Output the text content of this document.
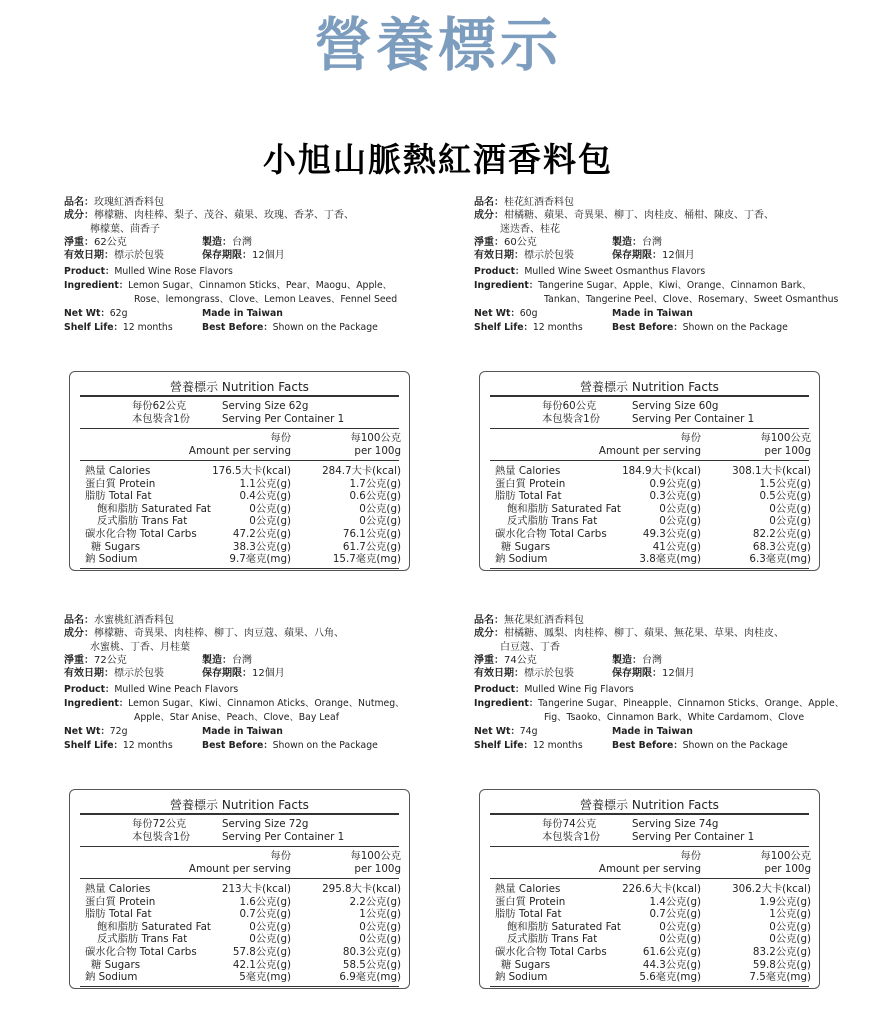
營養標示
小旭山脈熱紅酒香料包
品名：玫瑰紅酒香料包
成分：檸檬糖、肉桂棒、梨子、茂谷、蘋果、玫瑰、香茅、丁香、
檸檬葉、茴香子
淨重：62公克	製造：台灣
有效日期：標示於包裝	保存期限：12個月
Product：Mulled Wine Rose Flavors
Ingredient：Lemon Sugar、Cinnamon Sticks、Pear、Maogu、Apple、
Rose、lemongrass、Clove、Lemon Leaves、Fennel Seed
Net Wt：62g	Made in Taiwan
Shelf Life：12 months	Best Before：Shown on the Package
營養標示 Nutrition Facts
每份62公克	Serving Size 62g
本包裝含1份	Serving Per Container 1
每份	每100公克
Amount per serving	per 100g
熱量 Calories	176.5大卡(kcal)	284.7大卡(kcal)
蛋白質 Protein	1.1公克(g)	1.7公克(g)
脂肪 Total Fat	0.4公克(g)	0.6公克(g)
飽和脂肪 Saturated Fat	0公克(g)	0公克(g)
反式脂肪 Trans Fat	0公克(g)	0公克(g)
碳水化合物 Total Carbs	47.2公克(g)	76.1公克(g)
糖 Sugars	38.3公克(g)	61.7公克(g)
鈉 Sodium	9.7毫克(mg)	15.7毫克(mg)
品名：桂花紅酒香料包
成分：柑橘糖、蘋果、奇異果、柳丁、肉桂皮、桶柑、陳皮、丁香、
迷迭香、桂花
淨重：60公克	製造：台灣
有效日期：標示於包裝	保存期限：12個月
Product：Mulled Wine Sweet Osmanthus Flavors
Ingredient：Tangerine Sugar、Apple、Kiwi、Orange、Cinnamon Bark、
Tankan、Tangerine Peel、Clove、Rosemary、Sweet Osmanthus
Net Wt：60g	Made in Taiwan
Shelf Life：12 months	Best Before：Shown on the Package
營養標示 Nutrition Facts
每份60公克	Serving Size 60g
本包裝含1份	Serving Per Container 1
每份	每100公克
Amount per serving	per 100g
熱量 Calories	184.9大卡(kcal)	308.1大卡(kcal)
蛋白質 Protein	0.9公克(g)	1.5公克(g)
脂肪 Total Fat	0.3公克(g)	0.5公克(g)
飽和脂肪 Saturated Fat	0公克(g)	0公克(g)
反式脂肪 Trans Fat	0公克(g)	0公克(g)
碳水化合物 Total Carbs	49.3公克(g)	82.2公克(g)
糖 Sugars	41公克(g)	68.3公克(g)
鈉 Sodium	3.8毫克(mg)	6.3毫克(mg)
品名：水蜜桃紅酒香料包
成分：檸檬糖、奇異果、肉桂棒、柳丁、肉豆蔻、蘋果、八角、
水蜜桃、丁香、月桂葉
淨重：72公克	製造：台灣
有效日期：標示於包裝	保存期限：12個月
Product：Mulled Wine Peach Flavors
Ingredient：Lemon Sugar、Kiwi、Cinnamon Aticks、Orange、Nutmeg、
Apple、Star Anise、Peach、Clove、Bay Leaf
Net Wt：72g	Made in Taiwan
Shelf Life：12 months	Best Before：Shown on the Package
營養標示 Nutrition Facts
每份72公克	Serving Size 72g
本包裝含1份	Serving Per Container 1
每份	每100公克
Amount per serving	per 100g
熱量 Calories	213大卡(kcal)	295.8大卡(kcal)
蛋白質 Protein	1.6公克(g)	2.2公克(g)
脂肪 Total Fat	0.7公克(g)	1公克(g)
飽和脂肪 Saturated Fat	0公克(g)	0公克(g)
反式脂肪 Trans Fat	0公克(g)	0公克(g)
碳水化合物 Total Carbs	57.8公克(g)	80.3公克(g)
糖 Sugars	42.1公克(g)	58.5公克(g)
鈉 Sodium	5毫克(mg)	6.9毫克(mg)
品名：無花果紅酒香料包
成分：柑橘糖、鳳梨、肉桂棒、柳丁、蘋果、無花果、草果、肉桂皮、
白豆蔻、丁香
淨重：74公克	製造：台灣
有效日期：標示於包裝	保存期限：12個月
Product：Mulled Wine Fig Flavors
Ingredient：Tangerine Sugar、Pineapple、Cinnamon Sticks、Orange、Apple、
Fig、Tsaoko、Cinnamon Bark、White Cardamom、Clove
Net Wt：74g	Made in Taiwan
Shelf Life：12 months	Best Before：Shown on the Package
營養標示 Nutrition Facts
每份74公克	Serving Size 74g
本包裝含1份	Serving Per Container 1
每份	每100公克
Amount per serving	per 100g
熱量 Calories	226.6大卡(kcal)	306.2大卡(kcal)
蛋白質 Protein	1.4公克(g)	1.9公克(g)
脂肪 Total Fat	0.7公克(g)	1公克(g)
飽和脂肪 Saturated Fat	0公克(g)	0公克(g)
反式脂肪 Trans Fat	0公克(g)	0公克(g)
碳水化合物 Total Carbs	61.6公克(g)	83.2公克(g)
糖 Sugars	44.3公克(g)	59.8公克(g)
鈉 Sodium	5.6毫克(mg)	7.5毫克(mg)
